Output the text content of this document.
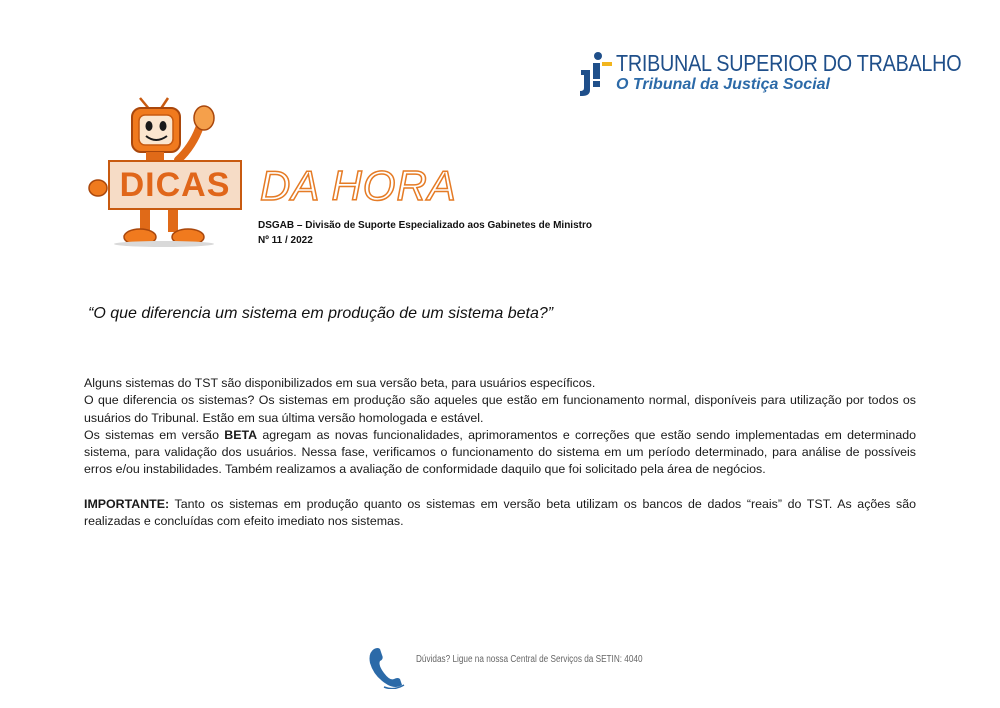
TRIBUNAL SUPERIOR DO TRABALHO
O Tribunal da Justiça Social
DICAS DA HORA
DSGAB – Divisão de Suporte Especializado aos Gabinetes de Ministro
Nº 11 / 2022
“O que diferencia um sistema em produção de um sistema beta?”

Alguns sistemas do TST são disponibilizados em sua versão beta, para usuários específicos.

O que diferencia os sistemas? Os sistemas em produção são aqueles que estão em funcionamento normal, disponíveis para utilização por todos os usuários do Tribunal. Estão em sua última versão homologada e estável.

Os sistemas em versão BETA agregam as novas funcionalidades, aprimoramentos e correções que estão sendo implementadas em determinado sistema, para validação dos usuários. Nessa fase, verificamos o funcionamento do sistema em um período determinado, para análise de possíveis erros e/ou instabilidades. Também realizamos a avaliação de conformidade daquilo que foi solicitado pela área de negócios.

IMPORTANTE: Tanto os sistemas em produção quanto os sistemas em versão beta utilizam os bancos de dados “reais” do TST. As ações são realizadas e concluídas com efeito imediato nos sistemas.

Dúvidas? Ligue na nossa Central de Serviços da SETIN: 4040
